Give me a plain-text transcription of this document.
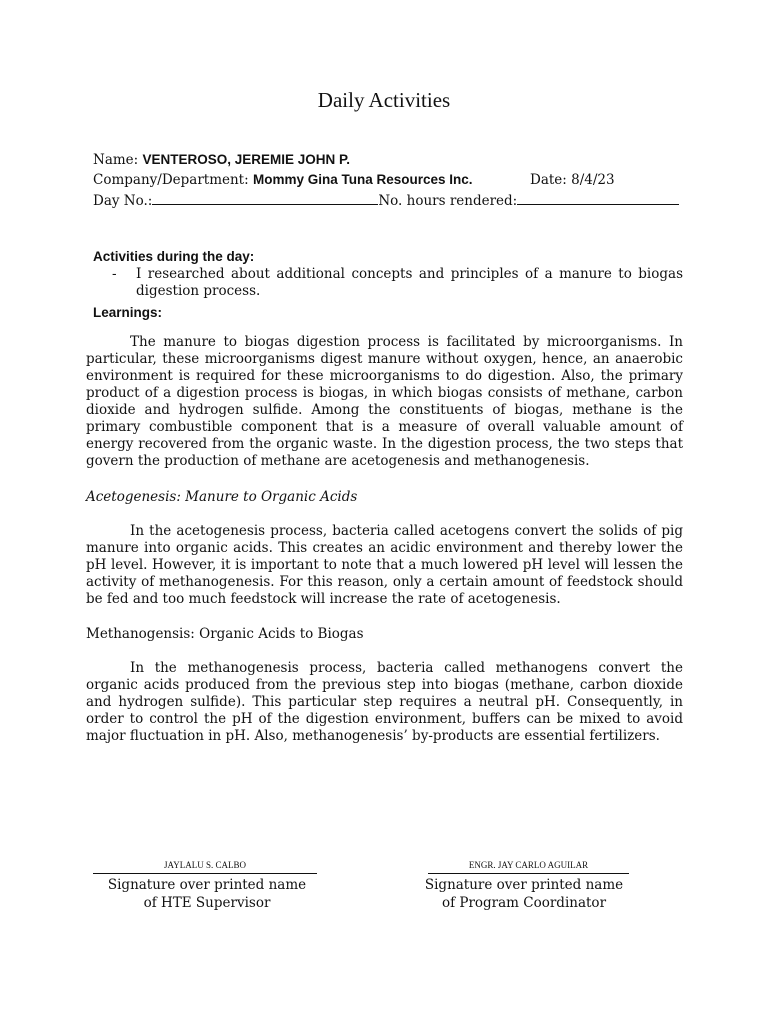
Daily Activities
Name: VENTEROSO, JEREMIE JOHN P.
Company/Department: Mommy Gina Tuna Resources Inc.	Date: 8/4/23
Day No.:	No. hours rendered:
Activities during the day:
- I researched about additional concepts and principles of a manure to biogas digestion process.
Learnings:

The manure to biogas digestion process is facilitated by microorganisms. In particular, these microorganisms digest manure without oxygen, hence, an anaerobic environment is required for these microorganisms to do digestion. Also, the primary product of a digestion process is biogas, in which biogas consists of methane, carbon dioxide and hydrogen sulfide. Among the constituents of biogas, methane is the primary combustible component that is a measure of overall valuable amount of energy recovered from the organic waste. In the digestion process, the two steps that govern the production of methane are acetogenesis and methanogenesis.

Acetogenesis: Manure to Organic Acids

In the acetogenesis process, bacteria called acetogens convert the solids of pig manure into organic acids. This creates an acidic environment and thereby lower the pH level. However, it is important to note that a much lowered pH level will lessen the activity of methanogenesis. For this reason, only a certain amount of feedstock should be fed and too much feedstock will increase the rate of acetogenesis.

Methanogensis: Organic Acids to Biogas

In the methanogenesis process, bacteria called methanogens convert the organic acids produced from the previous step into biogas (methane, carbon dioxide and hydrogen sulfide). This particular step requires a neutral pH. Consequently, in order to control the pH of the digestion environment, buffers can be mixed to avoid major fluctuation in pH. Also, methanogenesis’ by-products are essential fertilizers.

JAYLALU S. CALBO
Signature over printed name
of HTE Supervisor
ENGR. JAY CARLO AGUILAR
Signature over printed name
of Program Coordinator
